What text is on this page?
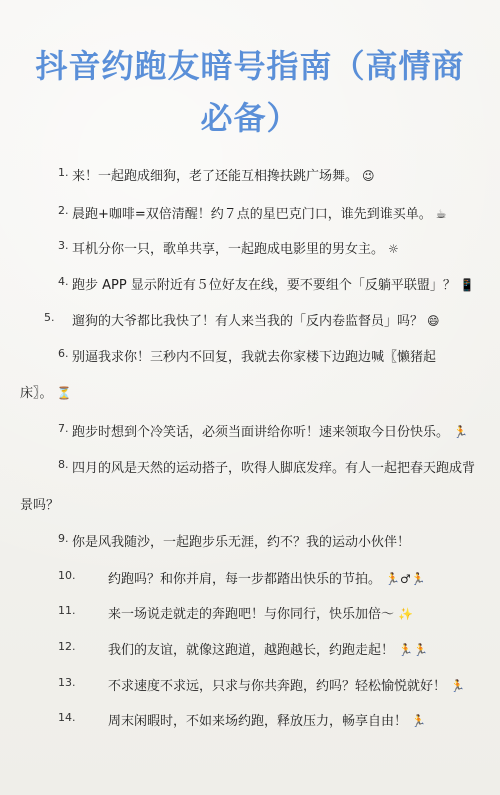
抖音约跑友暗号指南（高情商
必备）
1. 来！一起跑成细狗，老了还能互相搀扶跳广场舞。 😉
2. 晨跑+咖啡=双倍清醒！约７点的星巴克门口，谁先到谁买单。 ☕
3. 耳机分你一只，歌单共享，一起跑成电影里的男女主。 ☼
4. 跑步 APP 显示附近有５位好友在线，要不要组个「反躺平联盟」？ 📱
5. 遛狗的大爷都比我快了！有人来当我的「反内卷监督员」吗？ 😄
6. 别逼我求你！三秒内不回复，我就去你家楼下边跑边喊〖懒猪起
床〗。 ⏳
7. 跑步时想到个冷笑话，必须当面讲给你听！速来领取今日份快乐。 🏃
8. 四月的风是天然的运动搭子，吹得人脚底发痒。有人一起把春天跑成背
景吗？
9. 你是风我随沙，一起跑步乐无涯，约不？我的运动小伙伴！
10.	约跑吗？和你并肩，每一步都踏出快乐的节拍。 🏃♂🏃
11.	来一场说走就走的奔跑吧！与你同行，快乐加倍～ ✨
12.	我们的友谊，就像这跑道，越跑越长，约跑走起！ 🏃🏃
13.	不求速度不求远，只求与你共奔跑，约吗？轻松愉悦就好！ 🏃
14.	周末闲暇时，不如来场约跑，释放压力，畅享自由！ 🏃
